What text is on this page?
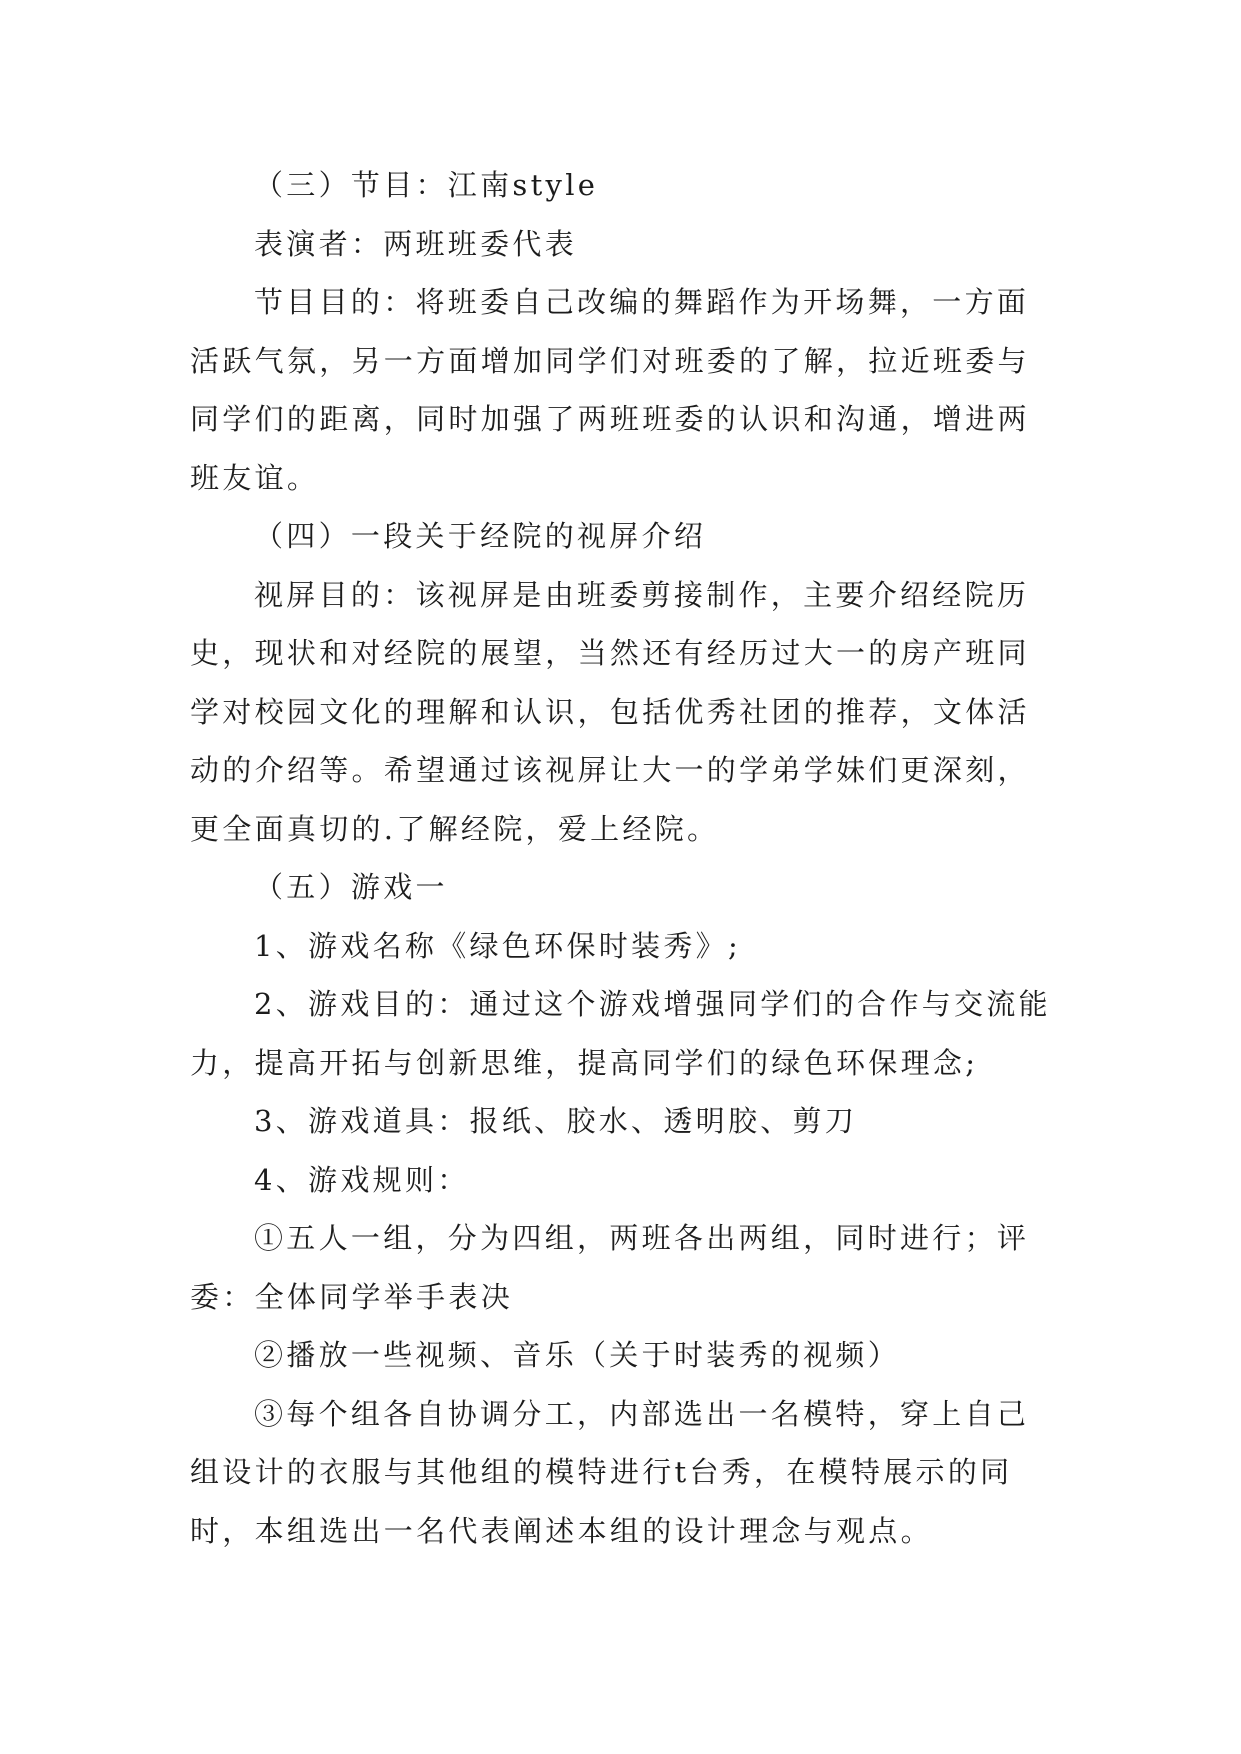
（三）节目：江南style

表演者：两班班委代表

节目目的：将班委自己改编的舞蹈作为开场舞，一方面活跃气氛，另一方面增加同学们对班委的了解，拉近班委与同学们的距离，同时加强了两班班委的认识和沟通，增进两班友谊。

（四）一段关于经院的视屏介绍

视屏目的：该视屏是由班委剪接制作，主要介绍经院历史，现状和对经院的展望，当然还有经历过大一的房产班同学对校园文化的理解和认识，包括优秀社团的推荐，文体活动的介绍等。希望通过该视屏让大一的学弟学妹们更深刻，更全面真切的.了解经院，爱上经院。

（五）游戏一

1、游戏名称《绿色环保时装秀》;

2、游戏目的：通过这个游戏增强同学们的合作与交流能力，提高开拓与创新思维，提高同学们的绿色环保理念;

3、游戏道具：报纸、胶水、透明胶、剪刀

4、游戏规则：

①五人一组，分为四组，两班各出两组，同时进行；评委：全体同学举手表决

②播放一些视频、音乐（关于时装秀的视频）

③每个组各自协调分工，内部选出一名模特，穿上自己组设计的衣服与其他组的模特进行t台秀，在模特展示的同时，本组选出一名代表阐述本组的设计理念与观点。
